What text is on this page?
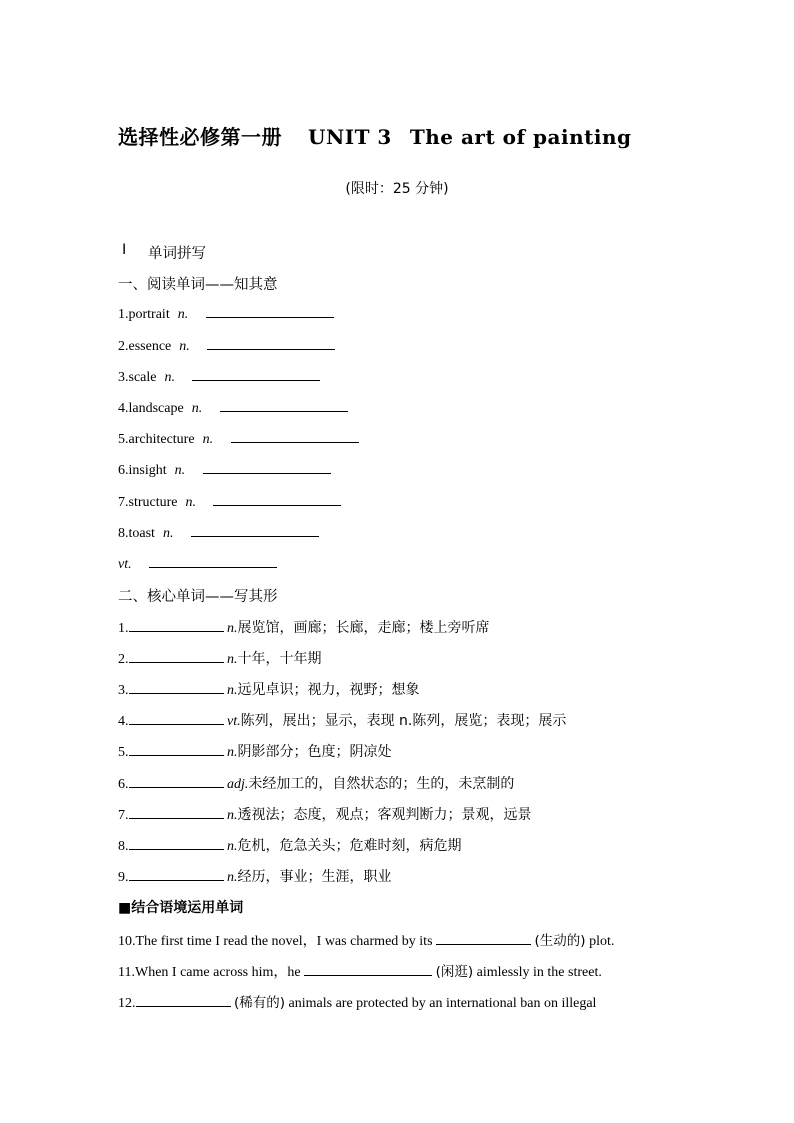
选择性必修第一册 UNIT 3 The art of painting
(限时：25 分钟)
Ⅰ 单词拼写
一、阅读单词——知其意
1.portrait n.
2.essence n.
3.scale n.
4.landscape n.
5.architecture n.
6.insight n.
7.structure n.
8.toast n.
vt.
二、核心单词——写其形
1.	n.展览馆，画廊；长廊，走廊；楼上旁听席
2.	n.十年，十年期
3.	n.远见卓识；视力，视野；想象
4.	vt.陈列，展出；显示，表现 n.陈列，展览；表现；展示
5.	n.阴影部分；色度；阴凉处
6.	adj.未经加工的，自然状态的；生的，未烹制的
7.	n.透视法；态度，观点；客观判断力；景观，远景
8.	n.危机，危急关头；危难时刻，病危期
9.	n.经历，事业；生涯，职业
■结合语境运用单词
10.The first time I read the novel，I was charmed by its	(生动的) plot.
11.When I came across him，he	(闲逛) aimlessly in the street.
12.	(稀有的) animals are protected by an international ban on illegal
